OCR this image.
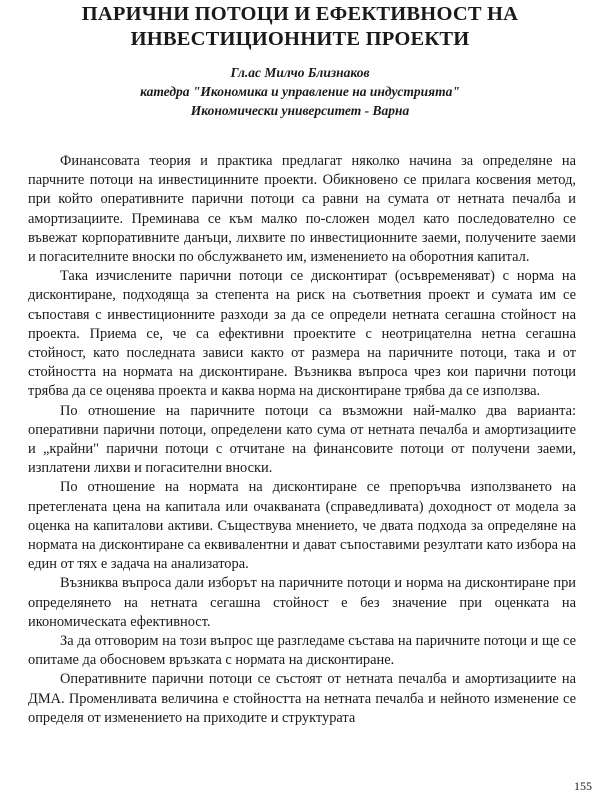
ПАРИЧНИ ПОТОЦИ И ЕФЕКТИВНОСТ НА
ИНВЕСТИЦИОННИТЕ ПРОЕКТИ
Гл.ас Милчо Близнаков
катедра "Икономика и управление на индустрията"
Икономически университет - Варна

Финансовата теория и практика предлагат няколко начина за определяне на парчните потоци на инвестицинните проекти. Обикновено се прилага косвения метод, при който оперативните парични потоци са равни на сумата от нетната печалба и амортизациите. Преминава се към малко по-сложен модел като последователно се въвежат корпоративните данъци, лихвите по инвестиционните заеми, получените заеми и погасителните вноски по обслужването им, изменението на оборотния капитал.

Така изчислените парични потоци се дисконтират (осъвременяват) с норма на дисконтиране, подходяща за степента на риск на съответния проект и сумата им се съпоставя с инвестиционните разходи за да се определи нетната сегашна стойност на проекта. Приема се, че са ефективни проектите с неотрицателна нетна сегашна стойност, като последната зависи както от размера на паричните потоци, така и от стойността на нормата на дисконтиране. Възниква въпроса чрез кои парични потоци трябва да се оценява проекта и каква норма на дисконтиране трябва да се използва.

По отношение на паричните потоци са възможни най-малко два варианта: оперативни парични потоци, определени като сума от нетната печалба и амортизациите и „крайни" парични потоци с отчитане на финансовите потоци от получени заеми, изплатени лихви и погасителни вноски.

По отношение на нормата на дисконтиране се препоръчва използването на претеглената цена на капитала или очакваната (справедливата) доходност от модела за оценка на капиталови активи. Съществува мнението, че двата подхода за определяне на нормата на дисконтиране са еквивалентни и дават съпоставими резултати като избора на един от тях е задача на анализатора.

Възниква въпроса дали изборът на паричните потоци и норма на дисконтиране при определянето на нетната сегашна стойност е без значение при оценката на икономическата ефективност.

За да отговорим на този въпрос ще разгледаме състава на паричните потоци и ще се опитаме да обосновем връзката с нормата на дисконтиране.

Оперативните парични потоци се състоят от нетната печалба и амортизациите на ДМА. Променливата величина е стойността на нетната печалба и нейното изменение се определя от изменението на приходите и структурата

155
